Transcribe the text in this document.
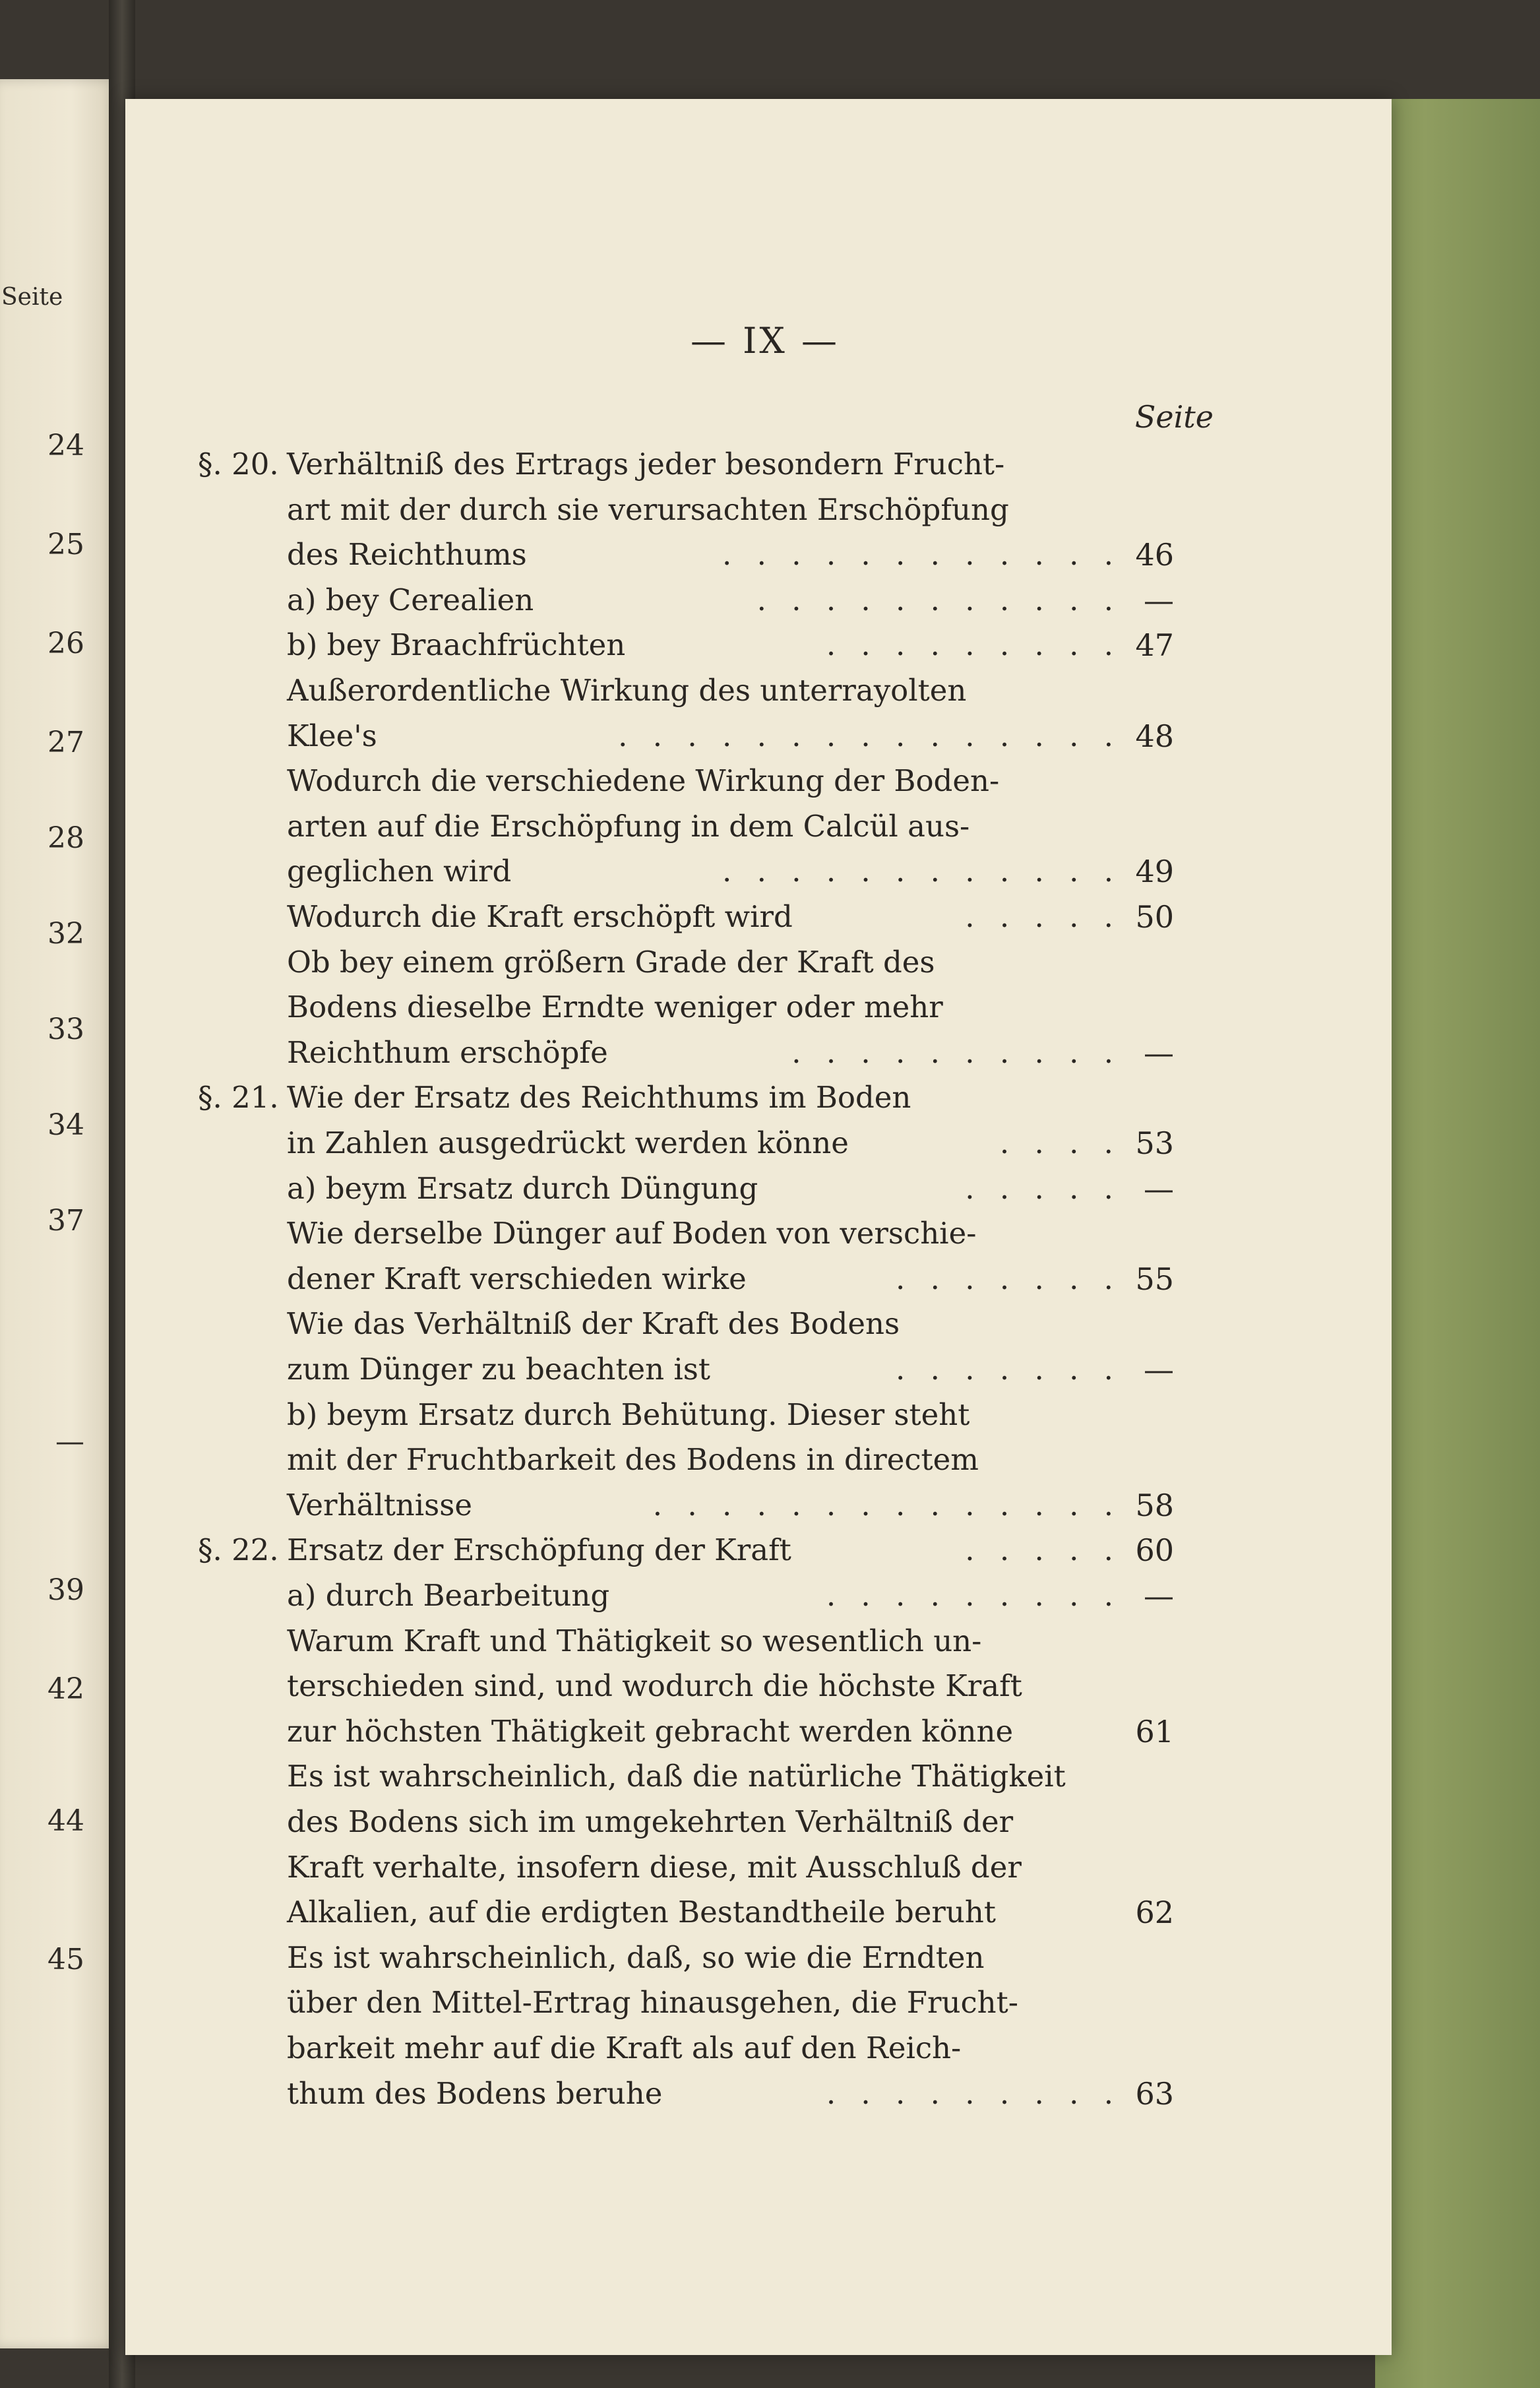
Seite
— IX —
Seite
§. 20. Verhältniß des Ertrags jeder besondern Frucht-
art mit der durch sie verursachten Erschöpfung
des Reichthums	. . . . . . . . . . . . 46
a) bey Cerealien	. . . . . . . . . . . —
b) bey Braachfrüchten	. . . . . . . . . 47
Außerordentliche Wirkung des unterrayolten
Klee's	. . . . . . . . . . . . . . . 48
Wodurch die verschiedene Wirkung der Boden-
arten auf die Erschöpfung in dem Calcül aus-
geglichen wird	. . . . . . . . . . . . 49
Wodurch die Kraft erschöpft wird	. . . . . 50
Ob bey einem größern Grade der Kraft des
Bodens dieselbe Erndte weniger oder mehr
Reichthum erschöpfe	. . . . . . . . . . —
§. 21. Wie der Ersatz des Reichthums im Boden
in Zahlen ausgedrückt werden könne	. . . . 53
a) beym Ersatz durch Düngung	. . . . . —
Wie derselbe Dünger auf Boden von verschie-
dener Kraft verschieden wirke	. . . . . . . 55
Wie das Verhältniß der Kraft des Bodens
zum Dünger zu beachten ist	. . . . . . . —
b) beym Ersatz durch Behütung. Dieser steht
mit der Fruchtbarkeit des Bodens in directem
Verhältnisse	. . . . . . . . . . . . . . 58
§. 22. Ersatz der Erschöpfung der Kraft	. . . . . 60
a) durch Bearbeitung	. . . . . . . . . —
Warum Kraft und Thätigkeit so wesentlich un-
terschieden sind, und wodurch die höchste Kraft
zur höchsten Thätigkeit gebracht werden könne	61
Es ist wahrscheinlich, daß die natürliche Thätigkeit
des Bodens sich im umgekehrten Verhältniß der
Kraft verhalte, insofern diese, mit Ausschluß der
Alkalien, auf die erdigten Bestandtheile beruht	62
Es ist wahrscheinlich, daß, so wie die Erndten
über den Mittel-Ertrag hinausgehen, die Frucht-
barkeit mehr auf die Kraft als auf den Reich-
thum des Bodens beruhe	. . . . . . . . . 63
24
25
26
27
28
32
33
34
37
—
39
42
44
45
